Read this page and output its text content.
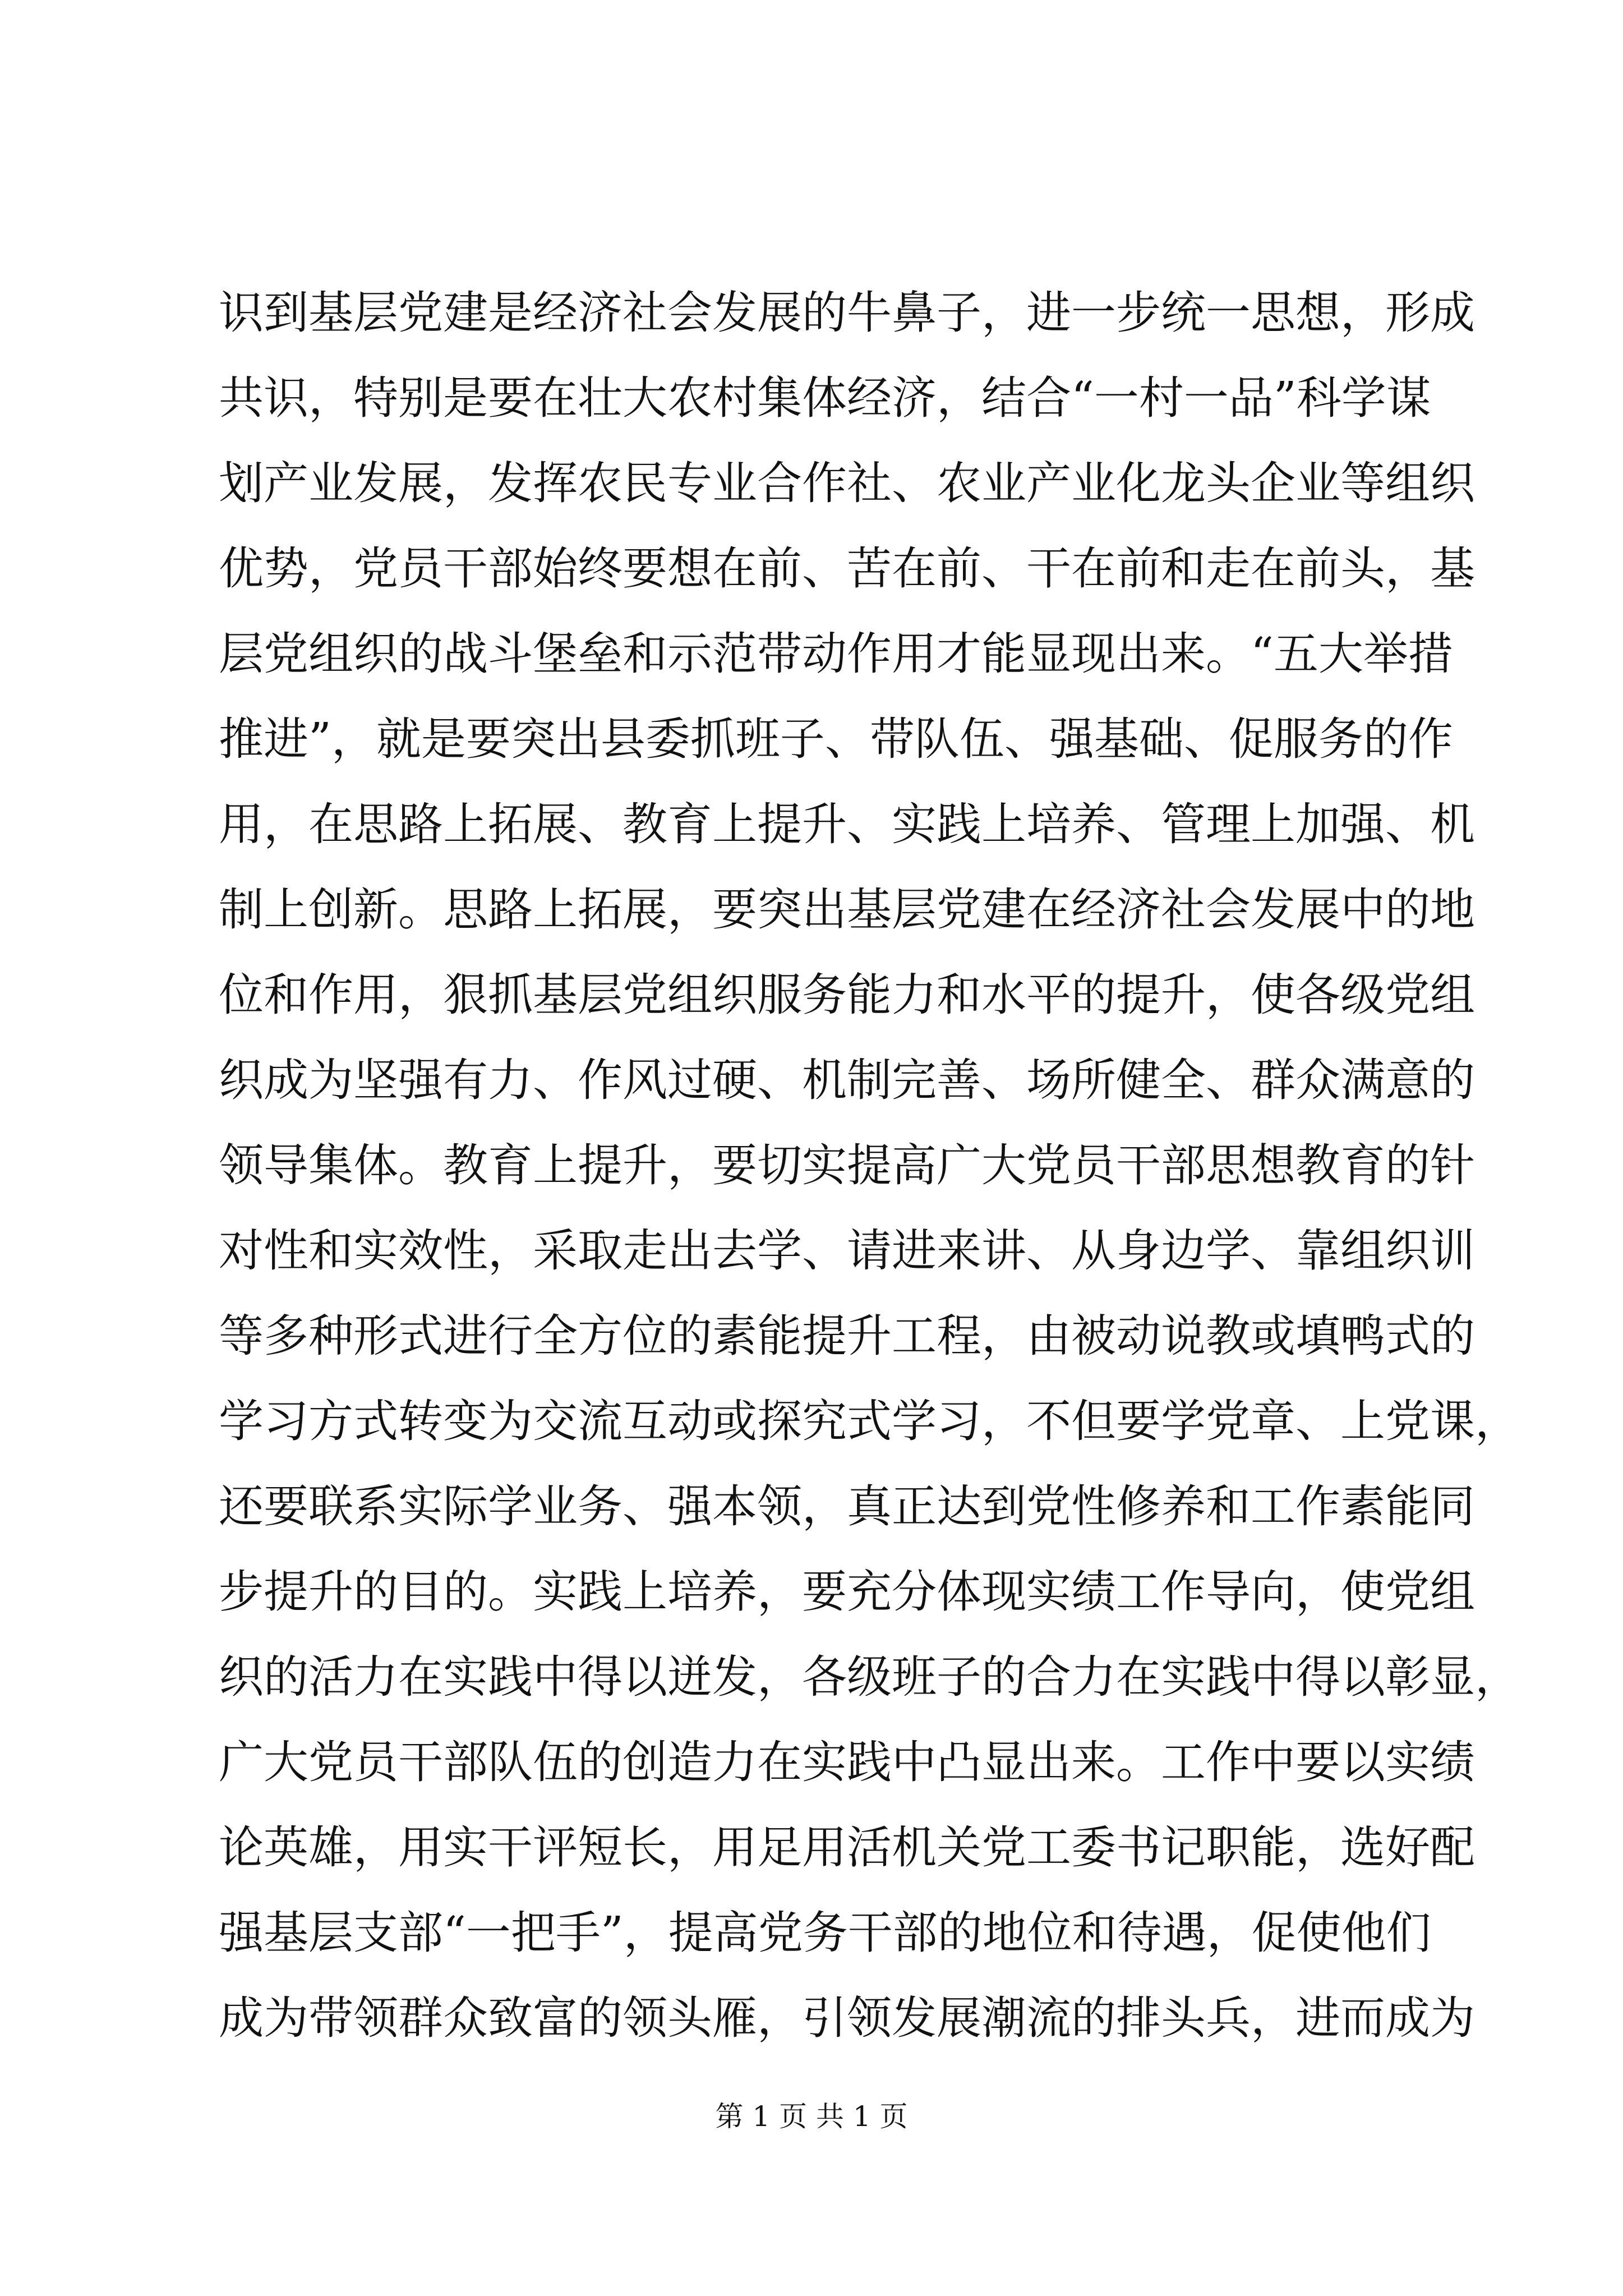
识到基层党建是经济社会发展的牛鼻子，进一步统一思想，形成
共识，特别是要在壮大农村集体经济，结合“一村一品”科学谋
划产业发展，发挥农民专业合作社、农业产业化龙头企业等组织
优势，党员干部始终要想在前、苦在前、干在前和走在前头，基
层党组织的战斗堡垒和示范带动作用才能显现出来。“五大举措
推进”，就是要突出县委抓班子、带队伍、强基础、促服务的作
用，在思路上拓展、教育上提升、实践上培养、管理上加强、机
制上创新。思路上拓展，要突出基层党建在经济社会发展中的地
位和作用，狠抓基层党组织服务能力和水平的提升，使各级党组
织成为坚强有力、作风过硬、机制完善、场所健全、群众满意的
领导集体。教育上提升，要切实提高广大党员干部思想教育的针
对性和实效性，采取走出去学、请进来讲、从身边学、靠组织训
等多种形式进行全方位的素能提升工程，由被动说教或填鸭式的
学习方式转变为交流互动或探究式学习，不但要学党章、上党课，
还要联系实际学业务、强本领，真正达到党性修养和工作素能同
步提升的目的。实践上培养，要充分体现实绩工作导向，使党组
织的活力在实践中得以迸发，各级班子的合力在实践中得以彰显，
广大党员干部队伍的创造力在实践中凸显出来。工作中要以实绩
论英雄，用实干评短长，用足用活机关党工委书记职能，选好配
强基层支部“一把手”，提高党务干部的地位和待遇，促使他们
成为带领群众致富的领头雁，引领发展潮流的排头兵，进而成为
第 1 页 共 1 页
